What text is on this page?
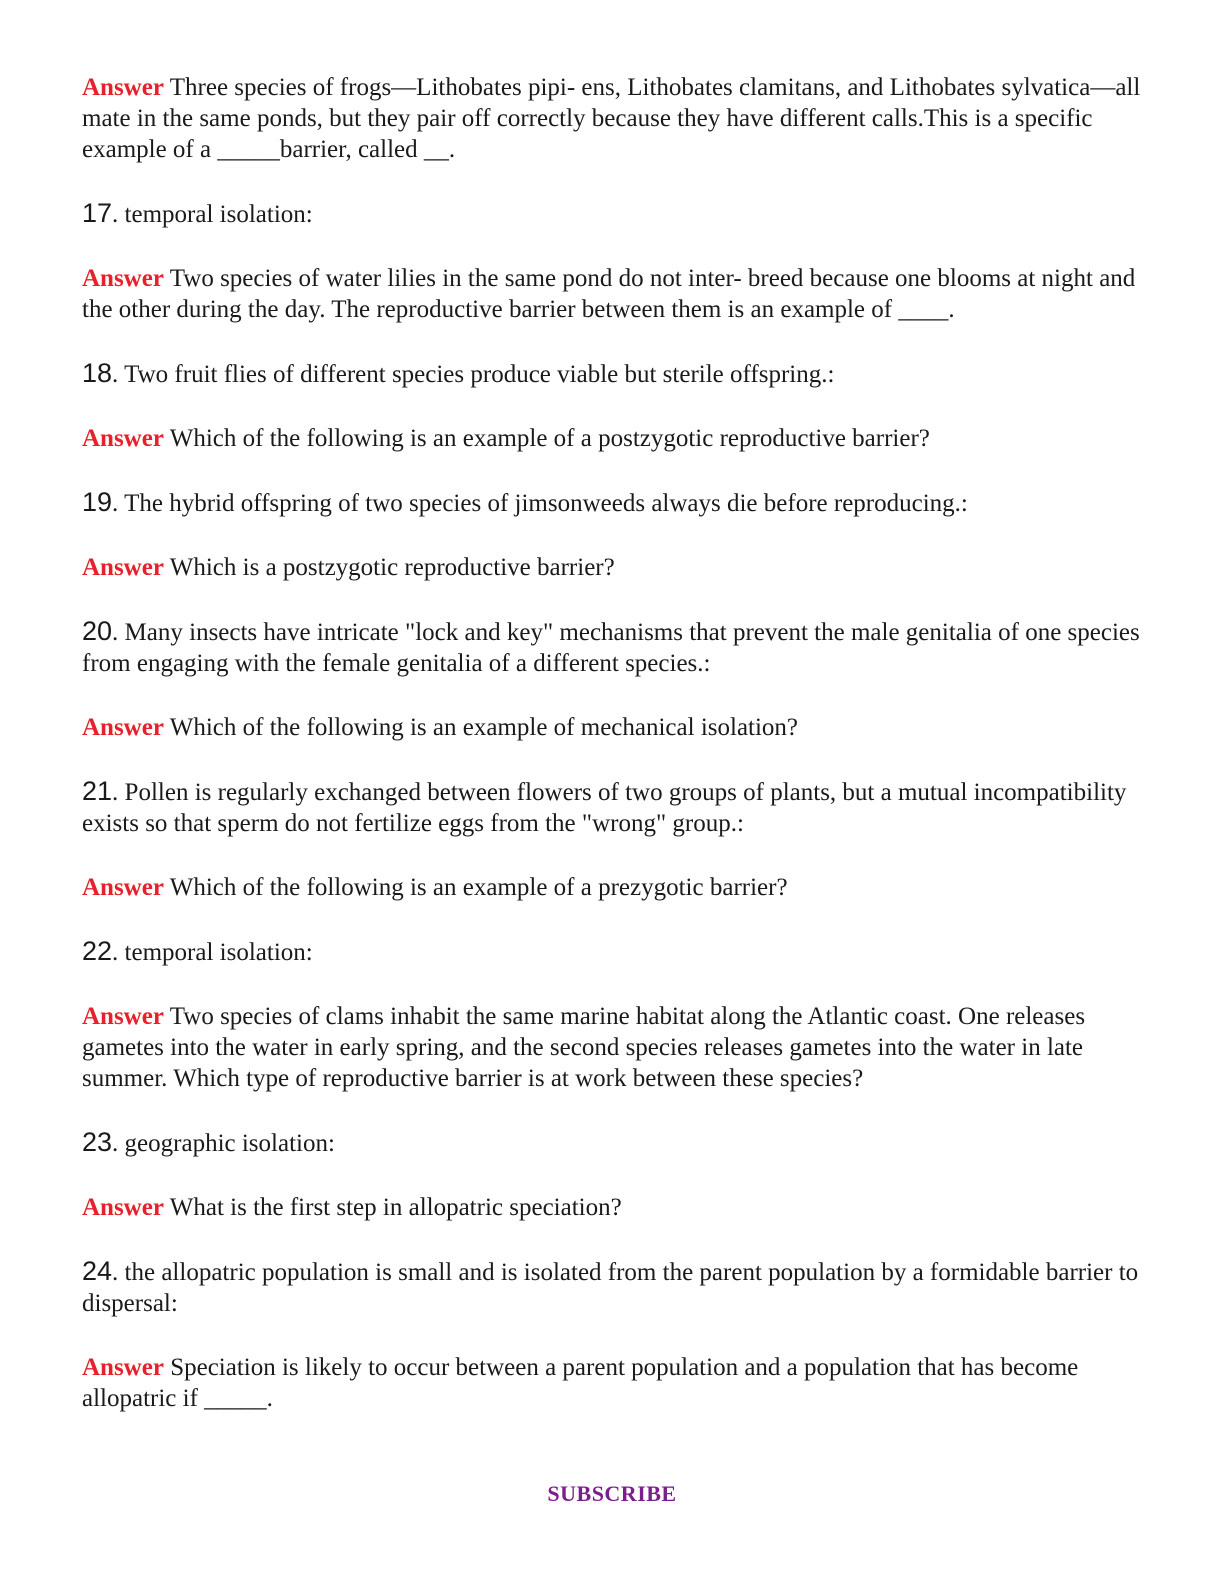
Answer Three species of frogs—Lithobates pipi- ens, Lithobates clamitans, and Lithobates sylvatica—all mate in the same ponds, but they pair off correctly because they have different calls.This is a specific example of a _____barrier, called __.

17. temporal isolation:

Answer Two species of water lilies in the same pond do not inter- breed because one blooms at night and the other during the day. The reproductive barrier between them is an example of ____.

18. Two fruit flies of different species produce viable but sterile offspring.:

Answer Which of the following is an example of a postzygotic reproductive barrier?

19. The hybrid offspring of two species of jimsonweeds always die before reproducing.:

Answer Which is a postzygotic reproductive barrier?

20. Many insects have intricate "lock and key" mechanisms that prevent the male genitalia of one species from engaging with the female genitalia of a different species.:

Answer Which of the following is an example of mechanical isolation?

21. Pollen is regularly exchanged between flowers of two groups of plants, but a mutual incompatibility exists so that sperm do not fertilize eggs from the "wrong" group.:

Answer Which of the following is an example of a prezygotic barrier?

22. temporal isolation:

Answer Two species of clams inhabit the same marine habitat along the Atlantic coast. One releases gametes into the water in early spring, and the second species releases gametes into the water in late summer. Which type of reproductive barrier is at work between these species?

23. geographic isolation:

Answer What is the first step in allopatric speciation?

24. the allopatric population is small and is isolated from the parent population by a formidable barrier to dispersal:

Answer Speciation is likely to occur between a parent population and a population that has become allopatric if _____.

SUBSCRIBE
